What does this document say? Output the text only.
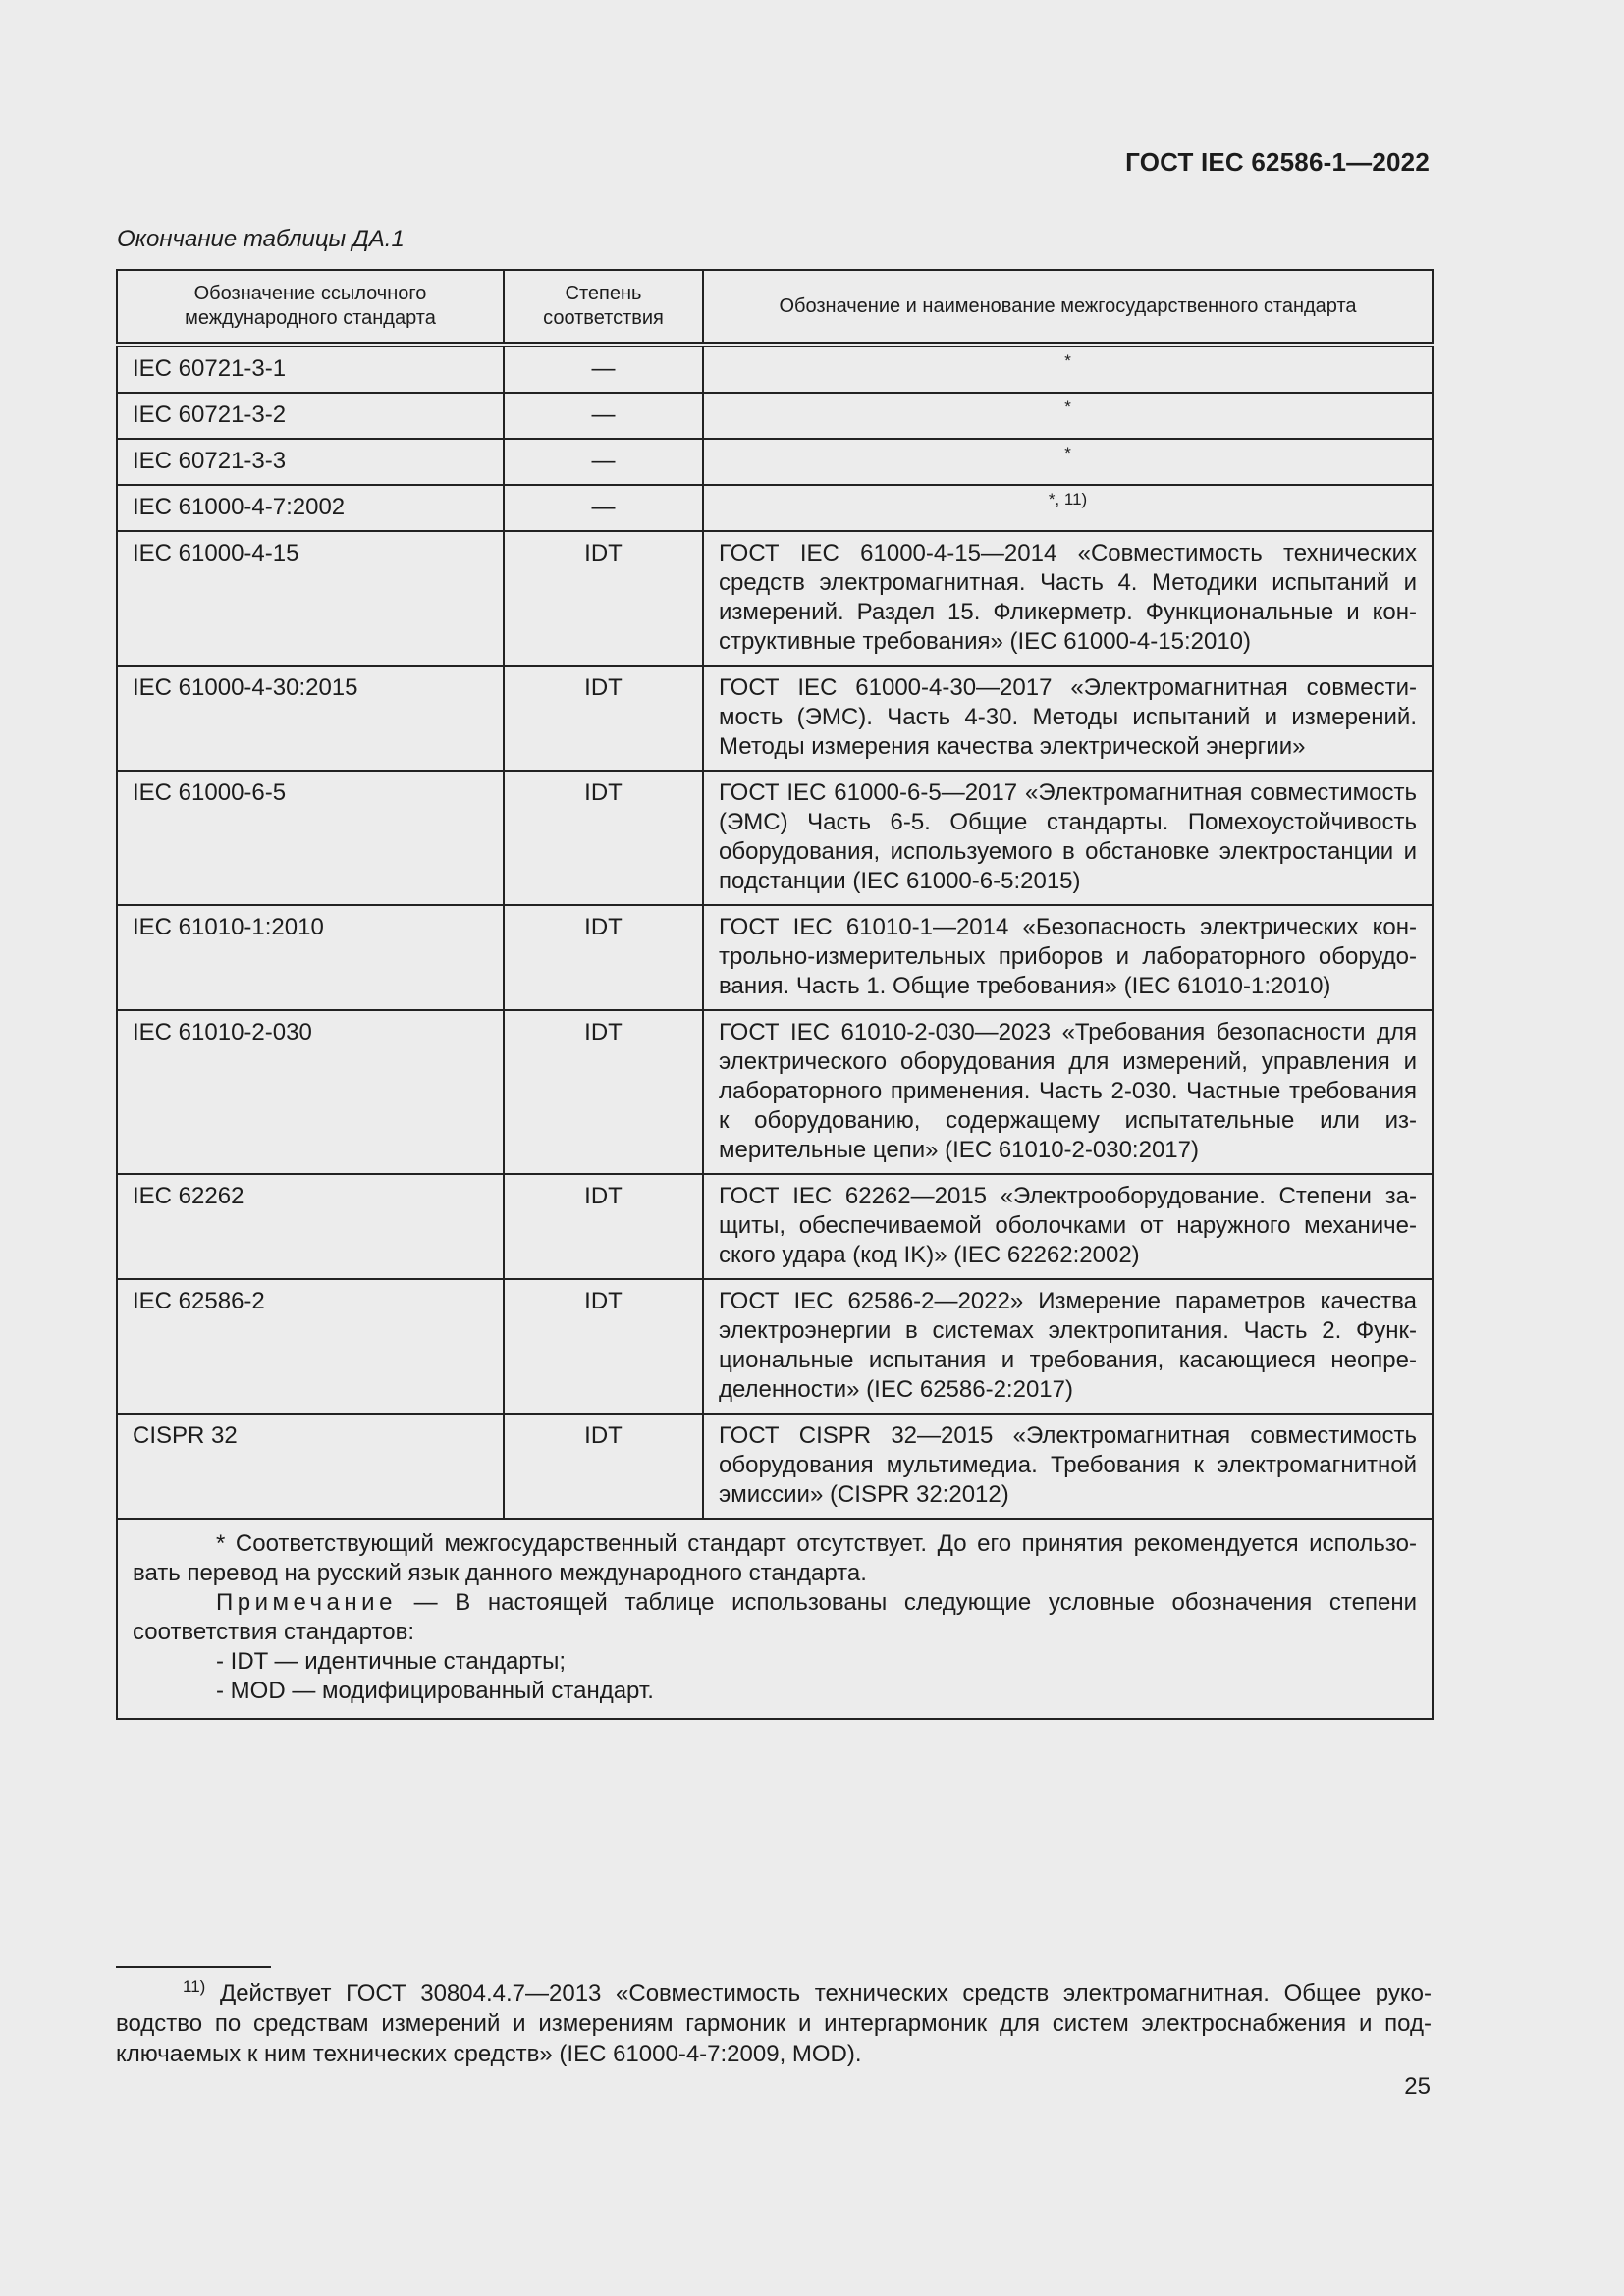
ГОСТ IEC 62586-1—2022
Окончание таблицы ДА.1
Обозначение ссылочного международного стандарта	Степень соответствия	Обозначение и наименование межгосударственного стандарта
IEC 60721-3-1	—	*
IEC 60721-3-2	—	*
IEC 60721-3-3	—	*
IEC 61000-4-7:2002	—	*, 11)
IEC 61000-4-15	IDT	ГОСТ IEC 61000-4-15—2014 «Совместимость технических средств электромагнитная. Часть 4. Методики испытаний и измерений. Раздел 15. Фликерметр. Функциональные и конструктивные требования» (IEC 61000-4-15:2010)
IEC 61000-4-30:2015	IDT	ГОСТ IEC 61000-4-30—2017 «Электромагнитная совместимость (ЭМС). Часть 4-30. Методы испытаний и измерений. Методы измерения качества электрической энергии»
IEC 61000-6-5	IDT	ГОСТ IEC 61000-6-5—2017 «Электромагнитная совместимость (ЭМС) Часть 6-5. Общие стандарты. Помехоустойчивость оборудования, используемого в обстановке электростанции и подстанции (IEC 61000-6-5:2015)
IEC 61010-1:2010	IDT	ГОСТ IEC 61010-1—2014 «Безопасность электрических контрольно-измерительных приборов и лабораторного оборудования. Часть 1. Общие требования» (IEC 61010-1:2010)
IEC 61010-2-030	IDT	ГОСТ IEC 61010-2-030—2023 «Требования безопасности для электрического оборудования для измерений, управления и лабораторного применения. Часть 2-030. Частные требования к оборудованию, содержащему испытательные или измерительные цепи» (IEC 61010-2-030:2017)
IEC 62262	IDT	ГОСТ IEC 62262—2015 «Электрооборудование. Степени защиты, обеспечиваемой оболочками от наружного механического удара (код IK)» (IEC 62262:2002)
IEC 62586-2	IDT	ГОСТ IEC 62586-2—2022» Измерение параметров качества электроэнергии в системах электропитания. Часть 2. Функциональные испытания и требования, касающиеся неопределенности» (IEC 62586-2:2017)
CISPR 32	IDT	ГОСТ CISPR 32—2015 «Электромагнитная совместимость оборудования мультимедиа. Требования к электромагнитной эмиссии» (CISPR 32:2012)

* Соответствующий межгосударственный стандарт отсутствует. До его принятия рекомендуется использовать перевод на русский язык данного международного стандарта.

Примечание — В настоящей таблице использованы следующие условные обозначения степени соответствия стандартов:

- IDT — идентичные стандарты;

- MOD — модифицированный стандарт.		

$^{11)}$ Действует ГОСТ 30804.4.7—2013 «Совместимость технических средств электромагнитная. Общее руководство по средствам измерений и измерениям гармоник и интергармоник для систем электроснабжения и подключаемых к ним технических средств» (IEC 61000-4-7:2009, MOD).
25
